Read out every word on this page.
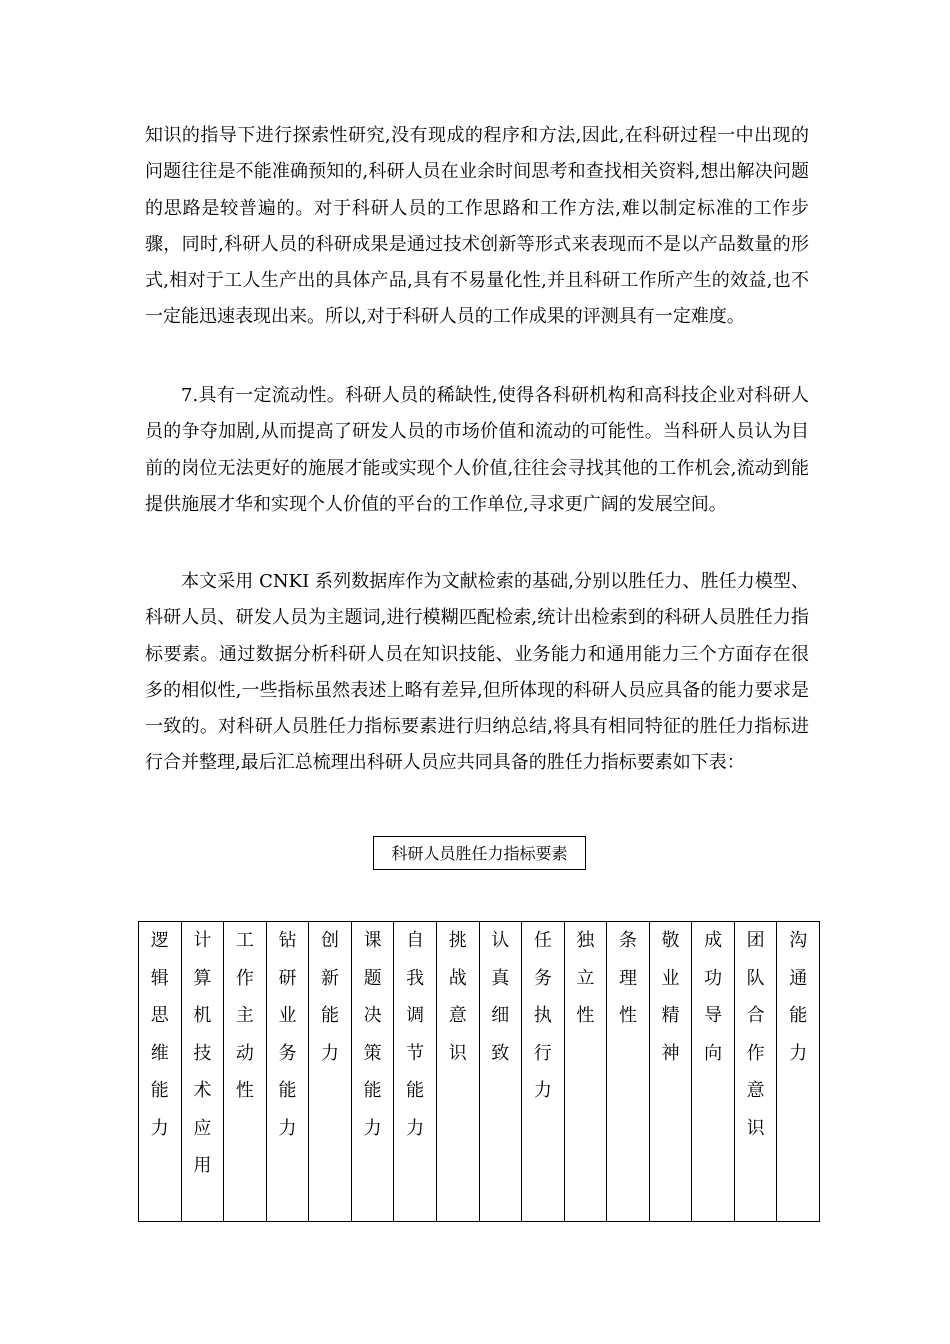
知识的指导下进行探索性研究,没有现成的程序和方法,因此,在科研过程一中出现的问题往往是不能准确预知的,科研人员在业余时间思考和查找相关资料,想出解决问题的思路是较普遍的。对于科研人员的工作思路和工作方法,难以制定标准的工作步骤，同时,科研人员的科研成果是通过技术创新等形式来表现而不是以产品数量的形式,相对于工人生产出的具体产品,具有不易量化性,并且科研工作所产生的效益,也不一定能迅速表现出来。所以,对于科研人员的工作成果的评测具有一定难度。

7.具有一定流动性。科研人员的稀缺性,使得各科研机构和高科技企业对科研人员的争夺加剧,从而提高了研发人员的市场价值和流动的可能性。当科研人员认为目前的岗位无法更好的施展才能或实现个人价值,往往会寻找其他的工作机会,流动到能提供施展才华和实现个人价值的平台的工作单位,寻求更广阔的发展空间。

本文采用 CNKI 系列数据库作为文献检索的基础,分别以胜任力、胜任力模型、科研人员、研发人员为主题词,进行模糊匹配检索,统计出检索到的科研人员胜任力指标要素。通过数据分析科研人员在知识技能、业务能力和通用能力三个方面存在很多的相似性,一些指标虽然表述上略有差异,但所体现的科研人员应具备的能力要求是一致的。对科研人员胜任力指标要素进行归纳总结,将具有相同特征的胜任力指标进行合并整理,最后汇总梳理出科研人员应共同具备的胜任力指标要素如下表：

科研人员胜任力指标要素
逻辑思维能力

计算机技术应用

工作主动性

钻研业务能力

创新能力

课题决策能力

自我调节能力

挑战意识

认真细致

任务执行力

独立性

条理性

敬业精神

成功导向

团队合作意识

沟通能力
